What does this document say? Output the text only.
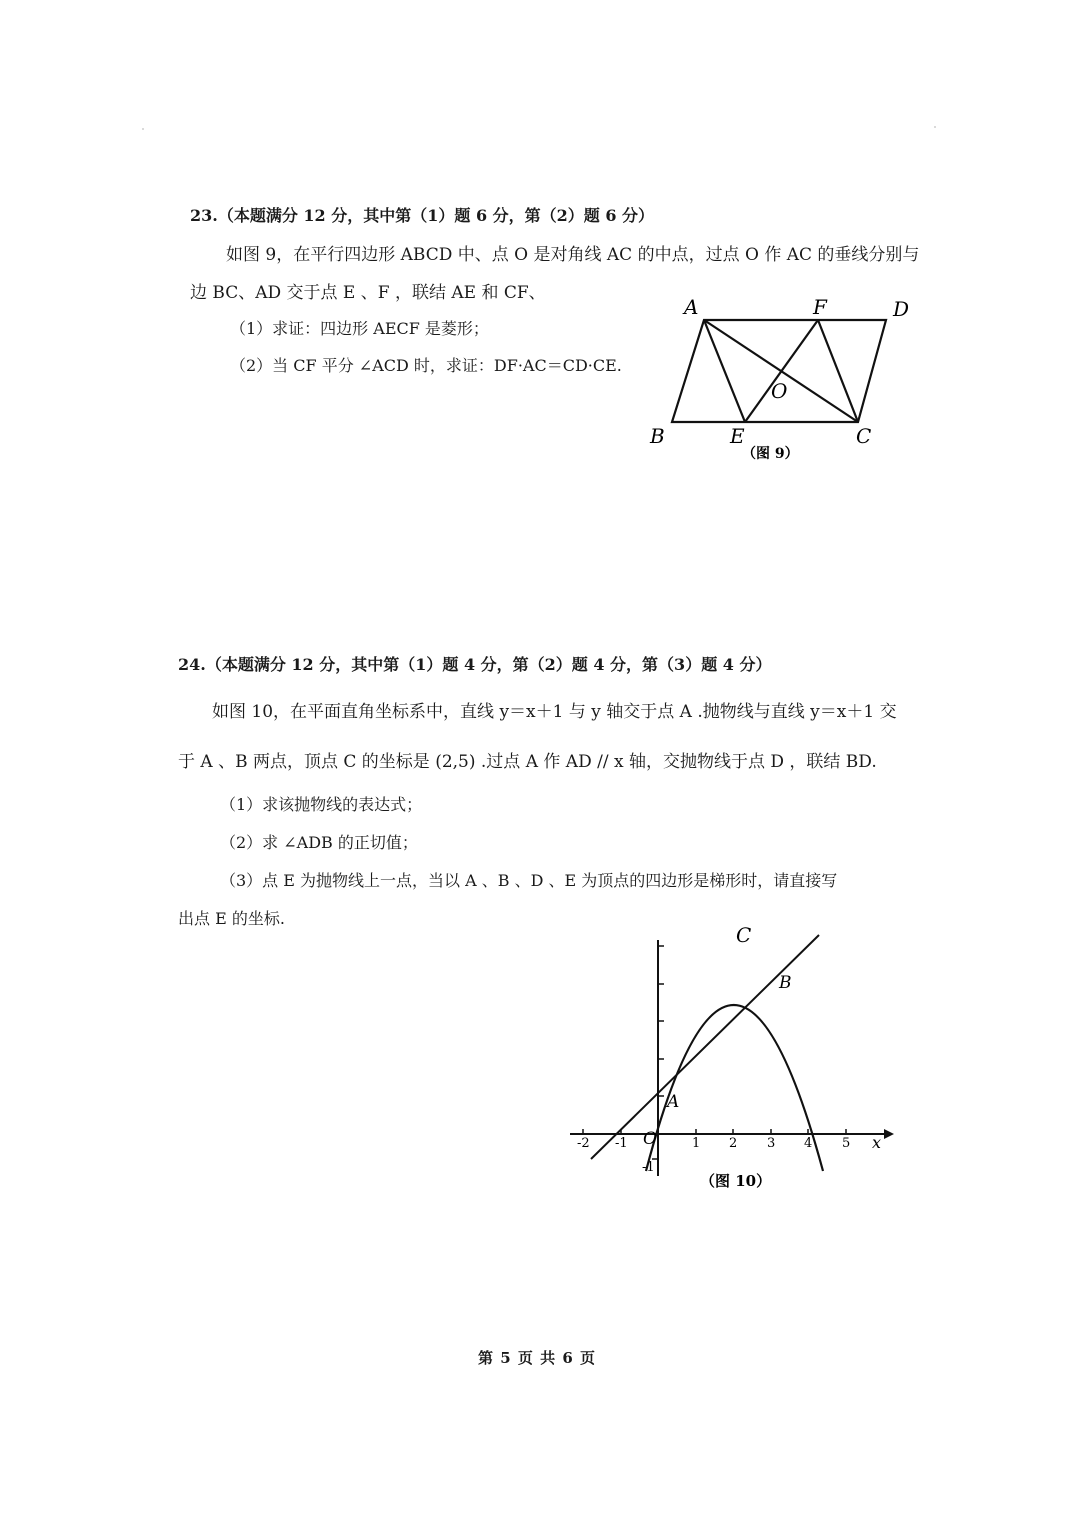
23.（本题满分 12 分，其中第（1）题 6 分，第（2）题 6 分）
如图 9，在平行四边形 ABCD 中、点 O 是对角线 AC 的中点，过点 O 作 AC 的垂线分别与
边 BC、AD 交于点 E 、F ，联结 AE 和 CF、
（1）求证：四边形 AECF 是菱形；
（2）当 CF 平分 ∠ACD 时，求证：DF·AC＝CD·CE.
A	F	D
O
B	E	C
（图 9）
24.（本题满分 12 分，其中第（1）题 4 分，第（2）题 4 分，第（3）题 4 分）
如图 10，在平面直角坐标系中，直线 y＝x＋1 与 y 轴交于点 A .抛物线与直线 y＝x＋1 交
于 A 、B 两点，顶点 C 的坐标是 (2,5) .过点 A 作 AD // x 轴，交抛物线于点 D ，联结 BD.
（1）求该抛物线的表达式；
（2）求 ∠ADB 的正切值；
（3）点 E 为抛物线上一点，当以 A 、B 、D 、E 为顶点的四边形是梯形时，请直接写
出点 E 的坐标.
C
B
A
O	x
-1
-2 -1	1 2 3 4 5
（图 10）
第 5 页 共 6 页
